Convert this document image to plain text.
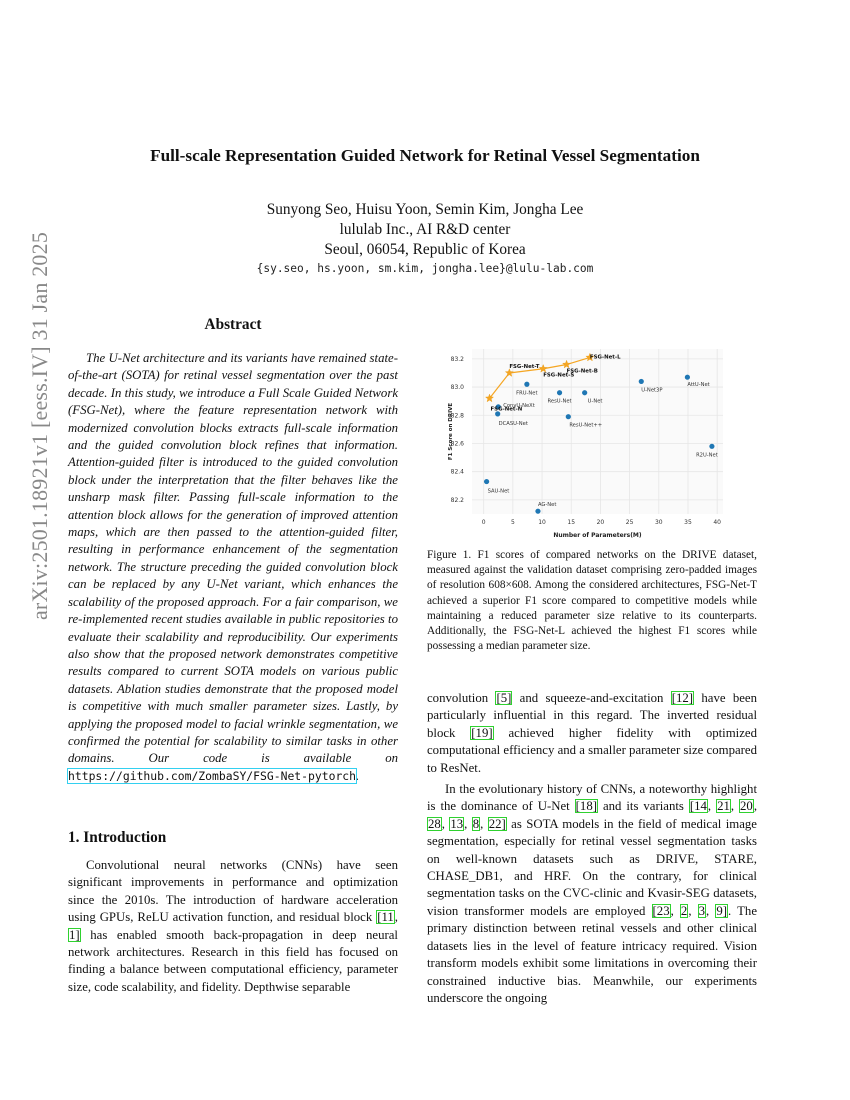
arXiv:2501.18921v1 [eess.IV] 31 Jan 2025
Full-scale Representation Guided Network for Retinal Vessel Segmentation
Sunyong Seo, Huisu Yoon, Semin Kim, Jongha Lee
lululab Inc., AI R&D center
Seoul, 06054, Republic of Korea
{sy.seo, hs.yoon, sm.kim, jongha.lee}@lulu-lab.com
Abstract

The U-Net architecture and its variants have remained state-of-the-art (SOTA) for retinal vessel segmentation over the past decade. In this study, we introduce a Full Scale Guided Network (FSG-Net), where the feature representation network with modernized convolution blocks extracts full-scale information and the guided convolution block refines that information. Attention-guided filter is introduced to the guided convolution block under the interpretation that the filter behaves like the unsharp mask filter. Passing full-scale information to the attention block allows for the generation of improved attention maps, which are then passed to the attention-guided filter, resulting in performance enhancement of the segmentation network. The structure preceding the guided convolution block can be replaced by any U-Net variant, which enhances the scalability of the proposed approach. For a fair comparison, we re-implemented recent studies available in public repositories to evaluate their scalability and reproducibility. Our experiments also show that the proposed network demonstrates competitive results compared to current SOTA models on various public datasets. Ablation studies demonstrate that the proposed model is competitive with much smaller parameter sizes. Lastly, by applying the proposed model to facial wrinkle segmentation, we confirmed the potential for scalability to similar tasks in other domains. Our code is available on https://github.com/ZombaSY/FSG-Net-pytorch.

1. Introduction

Convolutional neural networks (CNNs) have seen significant improvements in performance and optimization since the 2010s. The introduction of hardware acceleration using GPUs, ReLU activation function, and residual block [11, 1] has enabled smooth back-propagation in deep neural network architectures. Research in this field has focused on finding a balance between computational efficiency, parameter size, code scalability, and fidelity. Depthwise separable

0	5	10	15	20	25	30	35	40
82.2
82.4
82.6
82.8
83.0
83.2
Number of Parameters(M)
F1 Score on DRIVE
FRU-Net
ResU-Net	U-Net
U-Net3P
AttU-Net
ConvU-NeXt
DCASU-Net	ResU-Net++
R2U-Net
SAU-Net
AG-Net
FSG-Net-N
FSG-Net-T
FSG-Net-S
FSG-Net-B
FSG-Net-L
Figure 1. F1 scores of compared networks on the DRIVE dataset, measured against the validation dataset comprising zero-padded images of resolution 608×608. Among the considered architectures, FSG-Net-T achieved a superior F1 score compared to competitive models while maintaining a reduced parameter size relative to its counterparts. Additionally, the FSG-Net-L achieved the highest F1 scores while possessing a median parameter size.

convolution [5] and squeeze-and-excitation [12] have been particularly influential in this regard. The inverted residual block [19] achieved higher fidelity with optimized computational efficiency and a smaller parameter size compared to ResNet.

In the evolutionary history of CNNs, a noteworthy highlight is the dominance of U-Net [18] and its variants [14, 21, 20, 28, 13, 8, 22] as SOTA models in the field of medical image segmentation, especially for retinal vessel segmentation tasks on well-known datasets such as DRIVE, STARE, CHASE_DB1, and HRF. On the contrary, for clinical segmentation tasks on the CVC-clinic and Kvasir-SEG datasets, vision transformer models are employed [23, 2, 3, 9]. The primary distinction between retinal vessels and other clinical datasets lies in the level of feature intricacy required. Vision transform models exhibit some limitations in overcoming their constrained inductive bias. Meanwhile, our experiments underscore the ongoing
